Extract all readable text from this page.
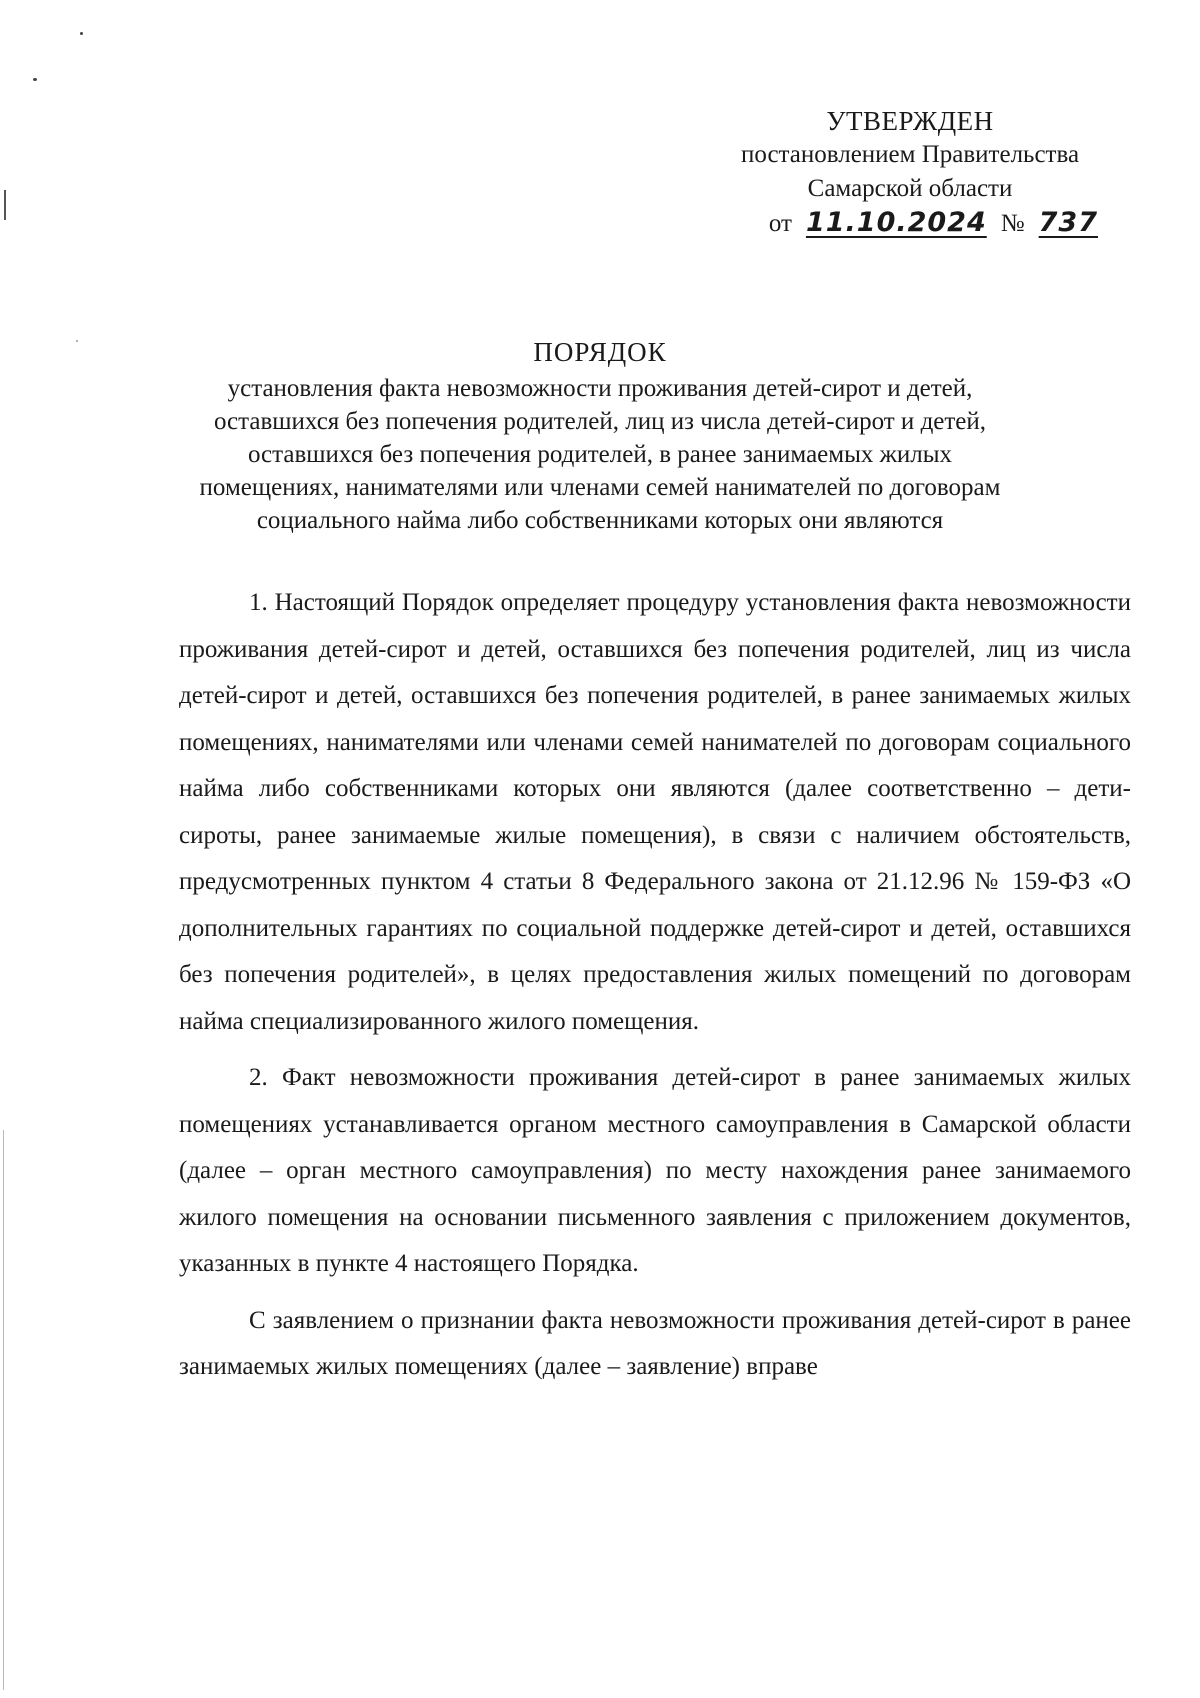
УТВЕРЖДЕН
постановлением Правительства
Самарской области
от 11.10.2024 № 737
ПОРЯДОК
установления факта невозможности проживания детей-сирот и детей,
оставшихся без попечения родителей, лиц из числа детей-сирот и детей,
оставшихся без попечения родителей, в ранее занимаемых жилых
помещениях, нанимателями или членами семей нанимателей по договорам
социального найма либо собственниками которых они являются

1. Настоящий Порядок определяет процедуру установления факта невозможности проживания детей-сирот и детей, оставшихся без попечения родителей, лиц из числа детей-сирот и детей, оставшихся без попечения родителей, в ранее занимаемых жилых помещениях, нанимателями или членами семей нанимателей по договорам социального найма либо собственниками которых они являются (далее соответственно – дети-сироты, ранее занимаемые жилые помещения), в связи с наличием обстоятельств, предусмотренных пунктом 4 статьи 8 Федерального закона от 21.12.96 № 159-ФЗ «О дополнительных гарантиях по социальной поддержке детей-сирот и детей, оставшихся без попечения родителей», в целях предоставления жилых помещений по договорам найма специализированного жилого помещения.

2. Факт невозможности проживания детей-сирот в ранее занимаемых жилых помещениях устанавливается органом местного самоуправления в Самарской области (далее – орган местного самоуправления) по месту нахождения ранее занимаемого жилого помещения на основании письменного заявления с приложением документов, указанных в пункте 4 настоящего Порядка.

С заявлением о признании факта невозможности проживания детей-сирот в ранее занимаемых жилых помещениях (далее – заявление) вправе
